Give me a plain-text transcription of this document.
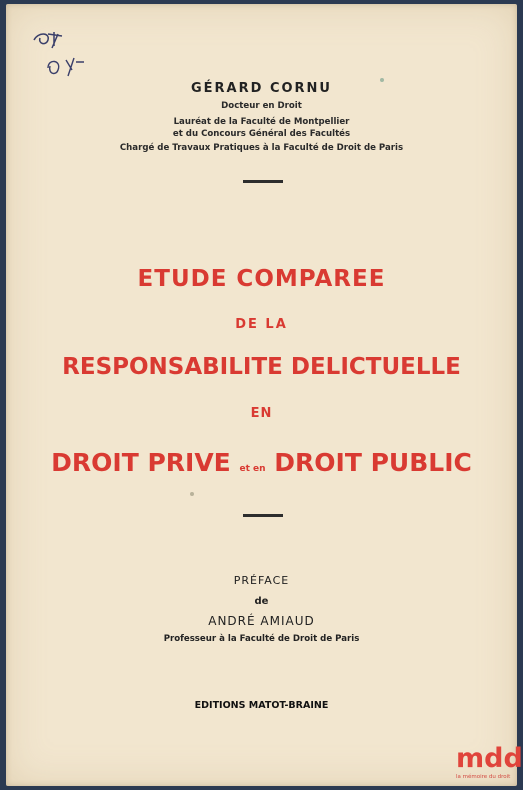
GÉRARD CORNU
Docteur en Droit
Lauréat de la Faculté de Montpellier
et du Concours Général des Facultés
Chargé de Travaux Pratiques à la Faculté de Droit de Paris
ETUDE COMPAREE
DE LA
RESPONSABILITE DELICTUELLE
EN
DROIT PRIVE et en DROIT PUBLIC
PRÉFACE
de
ANDRÉ AMIAUD
Professeur à la Faculté de Droit de Paris
EDITIONS MATOT-BRAINE
mdd
la mémoire du droit
